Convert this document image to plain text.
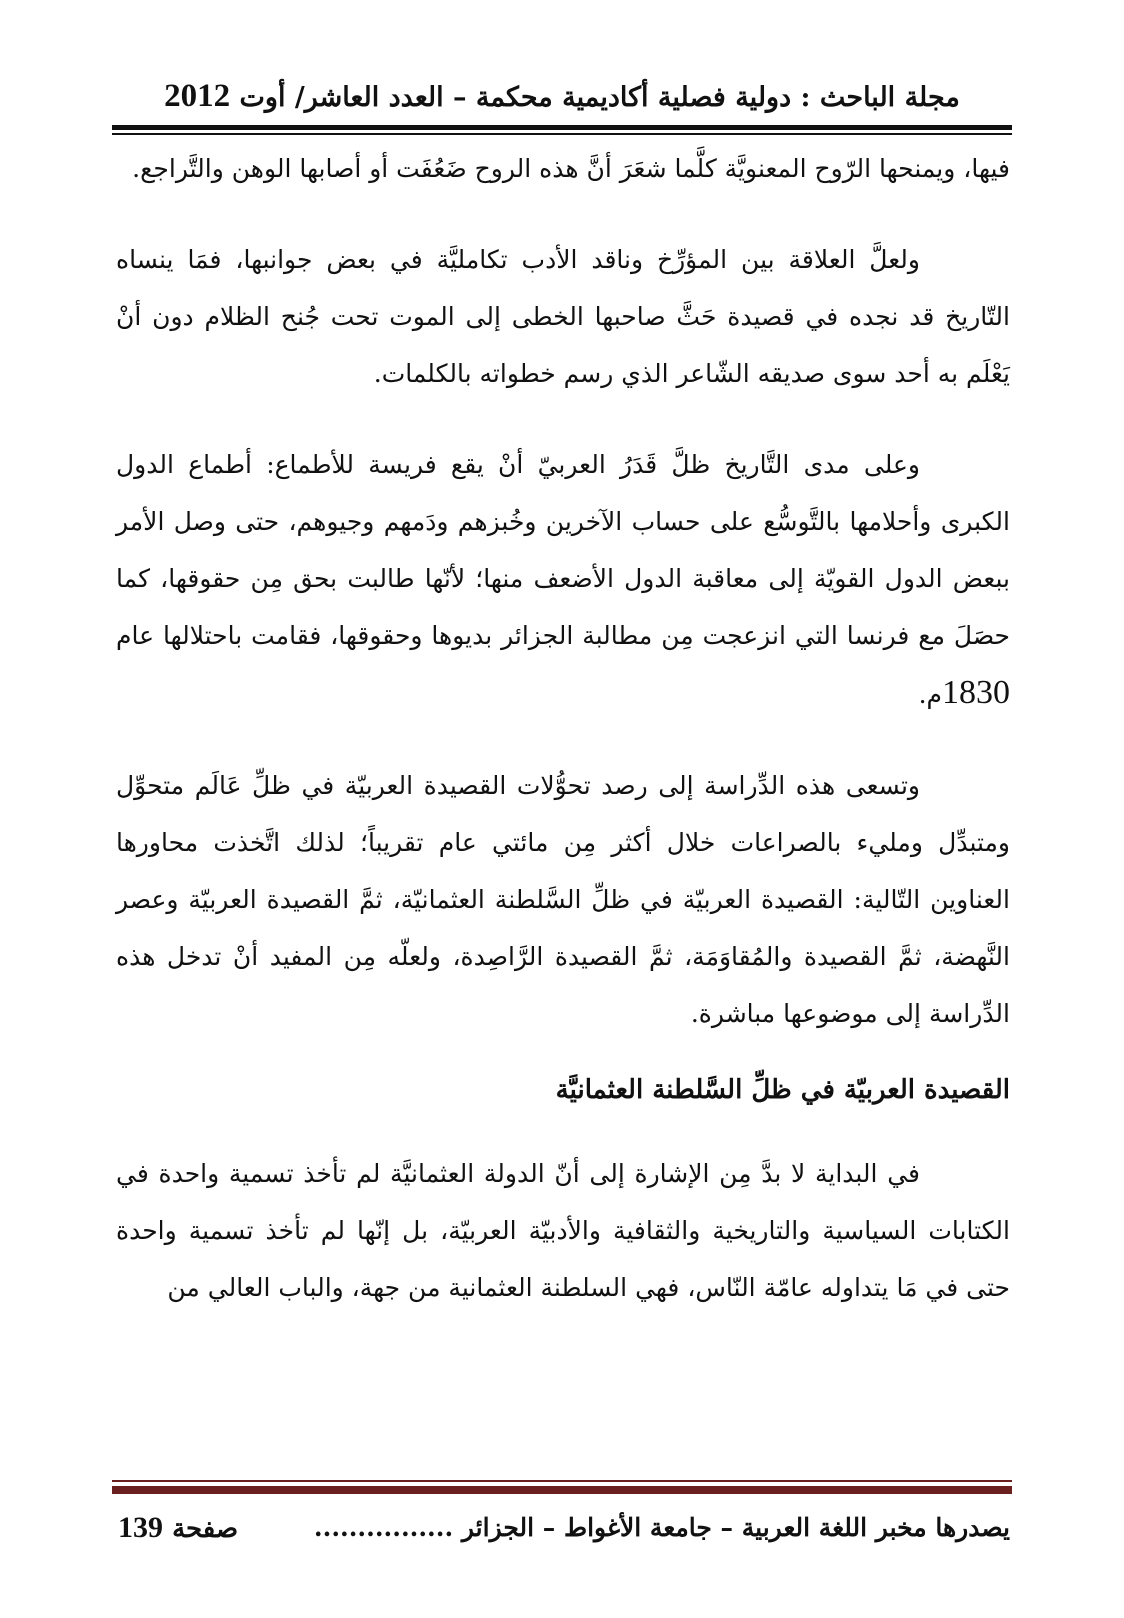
مجلة الباحث : دولية فصلية أكاديمية محكمة – العدد العاشر/ أوت 2012

فيها، ويمنحها الرّوح المعنويَّة كلَّما شعَرَ أنَّ هذه الروح ضَعُفَت أو أصابها الوهن والتَّراجع.

ولعلَّ العلاقة بين المؤرِّخ وناقد الأدب تكامليَّة في بعض جوانبها، فمَا ينساه التّاريخ قد نجده في قصيدة حَثَّ صاحبها الخطى إلى الموت تحت جُنح الظلام دون أنْ يَعْلَم به أحد سوى صديقه الشّاعر الذي رسم خطواته بالكلمات.

وعلى مدى التَّاريخ ظلَّ قَدَرُ العربيّ أنْ يقع فريسة للأطماع: أطماع الدول الكبرى وأحلامها بالتَّوسُّع على حساب الآخرين وخُبزهم ودَمهم وجيوهم، حتى وصل الأمر ببعض الدول القويّة إلى معاقبة الدول الأضعف منها؛ لأنّها طالبت بحق مِن حقوقها، كما حصَلَ مع فرنسا التي انزعجت مِن مطالبة الجزائر بديوها وحقوقها، فقامت باحتلالها عام 1830م.

وتسعى هذه الدِّراسة إلى رصد تحوُّلات القصيدة العربيّة في ظلِّ عَالَم متحوِّل ومتبدِّل ومليء بالصراعات خلال أكثر مِن مائتي عام تقريباً؛ لذلك اتَّخذت محاورها العناوين التّالية: القصيدة العربيّة في ظلِّ السَّلطنة العثمانيّة، ثمَّ القصيدة العربيّة وعصر النَّهضة، ثمَّ القصيدة والمُقاوَمَة، ثمَّ القصيدة الرَّاصِدة، ولعلّه مِن المفيد أنْ تدخل هذه الدِّراسة إلى موضوعها مباشرة.

القصيدة العربيّة في ظلِّ السَّلطنة العثمانيَّة

في البداية لا بدَّ مِن الإشارة إلى أنّ الدولة العثمانيَّة لم تأخذ تسمية واحدة في الكتابات السياسية والتاريخية والثقافية والأدبيّة العربيّة، بل إنّها لم تأخذ تسمية واحدة حتى في مَا يتداوله عامّة النّاس، فهي السلطنة العثمانية من جهة، والباب العالي من

صفحة 139	يصدرها مخبر اللغة العربية – جامعة الأغواط – الجزائر ................
